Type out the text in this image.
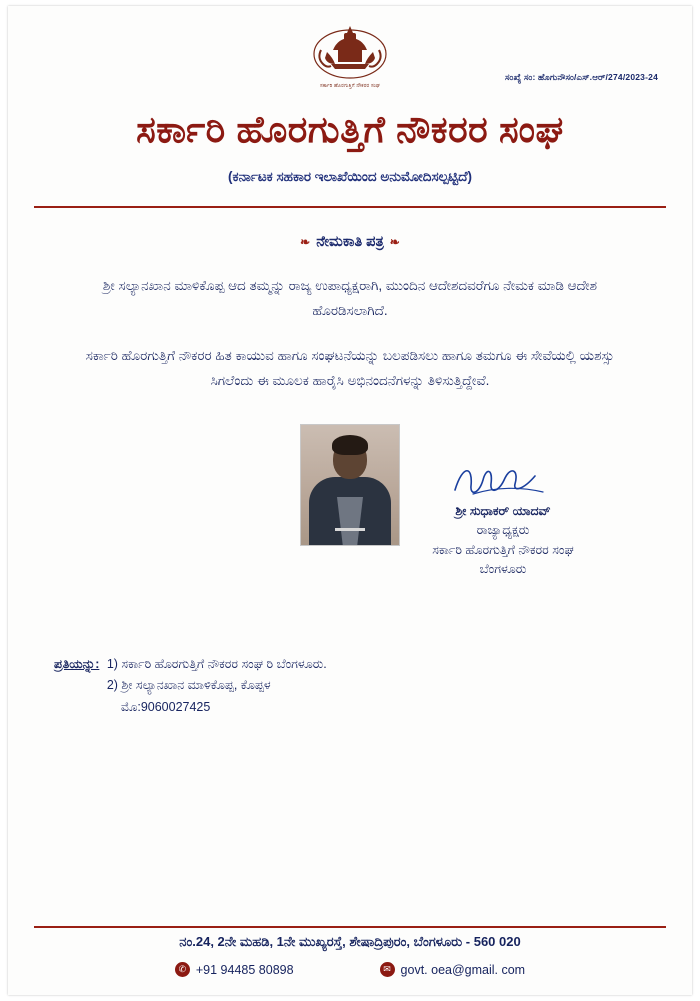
ಸರ್ಕಾರಿ ಹೊರಗುತ್ತಿಗೆ ನೌಕರರ ಸಂಘ
ಸಂಖ್ಯೆ ಸಂ: ಹೊಗುನೌಸಂ/ಎಸ್.ಆರ್/274/2023-24
ಸರ್ಕಾರಿ ಹೊರಗುತ್ತಿಗೆ ನೌಕರರ ಸಂಘ
(ಕರ್ನಾಟಕ ಸಹಕಾರ ಇಲಾಖೆಯಿಂದ ಅನುಮೋದಿಸಲ್ಪಟ್ಟಿದೆ)
❧ ನೇಮಕಾತಿ ಪತ್ರ ❧
ಶ್ರೀ ಸಲ್ಯಾನಖಾನ ಮಾಳಿಕೊಪ್ಪ ಆದ ತಮ್ಮನ್ನು ರಾಜ್ಯ ಉಪಾಧ್ಯಕ್ಷರಾಗಿ, ಮುಂದಿನ ಆದೇಶದವರೆಗೂ ನೇಮಕ ಮಾಡಿ ಆದೇಶ ಹೊರಡಿಸಲಾಗಿದೆ.
ಸರ್ಕಾರಿ ಹೊರಗುತ್ತಿಗೆ ನೌಕರರ ಹಿತ ಕಾಯುವ ಹಾಗೂ ಸಂಘಟನೆಯನ್ನು ಬಲಪಡಿಸಲು ಹಾಗೂ ತಮಗೂ ಈ ಸೇವೆಯಲ್ಲಿ ಯಶಸ್ಸು ಸಿಗಲೆಂದು ಈ ಮೂಲಕ ಹಾರೈಸಿ ಅಭಿನಂದನೆಗಳನ್ನು ತಿಳಿಸುತ್ತಿದ್ದೇವೆ.
ಶ್ರೀ ಸುಧಾಕರ್ ಯಾದವ್
ರಾಜ್ಯಾಧ್ಯಕ್ಷರು
ಸರ್ಕಾರಿ ಹೊರಗುತ್ತಿಗೆ ನೌಕರರ ಸಂಘ
ಬೆಂಗಳೂರು
ಪ್ರತಿಯನ್ನು: 1) ಸರ್ಕಾರಿ ಹೊರಗುತ್ತಿಗೆ ನೌಕರರ ಸಂಘ ರಿ ಬೆಂಗಳೂರು.
2) ಶ್ರೀ ಸಲ್ಯಾನಖಾನ ಮಾಳಿಕೊಪ್ಪ, ಕೊಪ್ಪಳ
ಮೊ:9060027425
ನಂ.24, 2ನೇ ಮಹಡಿ, 1ನೇ ಮುಖ್ಯರಸ್ತೆ, ಶೇಷಾದ್ರಿಪುರಂ, ಬೆಂಗಳೂರು - 560 020
✆ +91 94485 80898	✉ govt. oea@gmail. com
